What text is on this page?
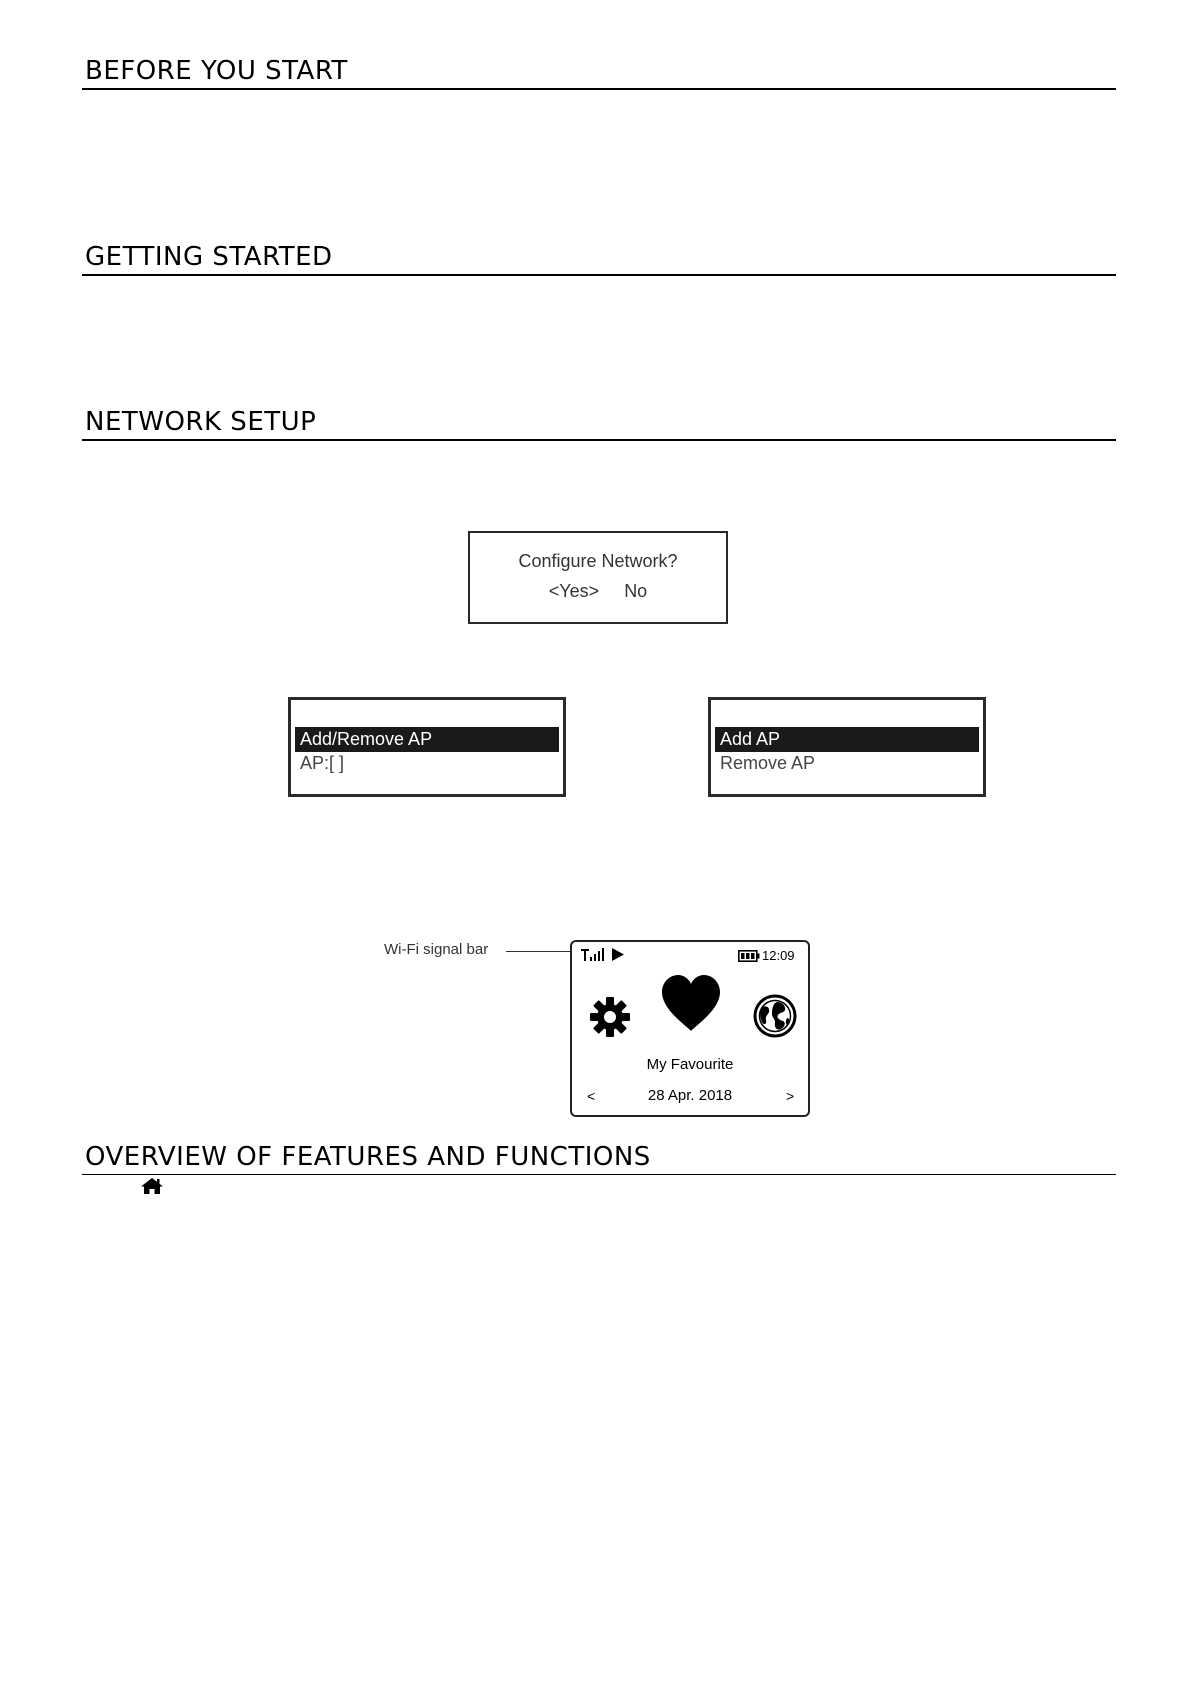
BEFORE YOU START
GETTING STARTED
NETWORK SETUP
Configure Network?
<Yes> No
Add/Remove AP
AP:[ ]
Add AP
Remove AP
Wi-Fi signal bar	12:09
My Favourite
<	28 Apr. 2018	>
OVERVIEW OF FEATURES AND FUNCTIONS
